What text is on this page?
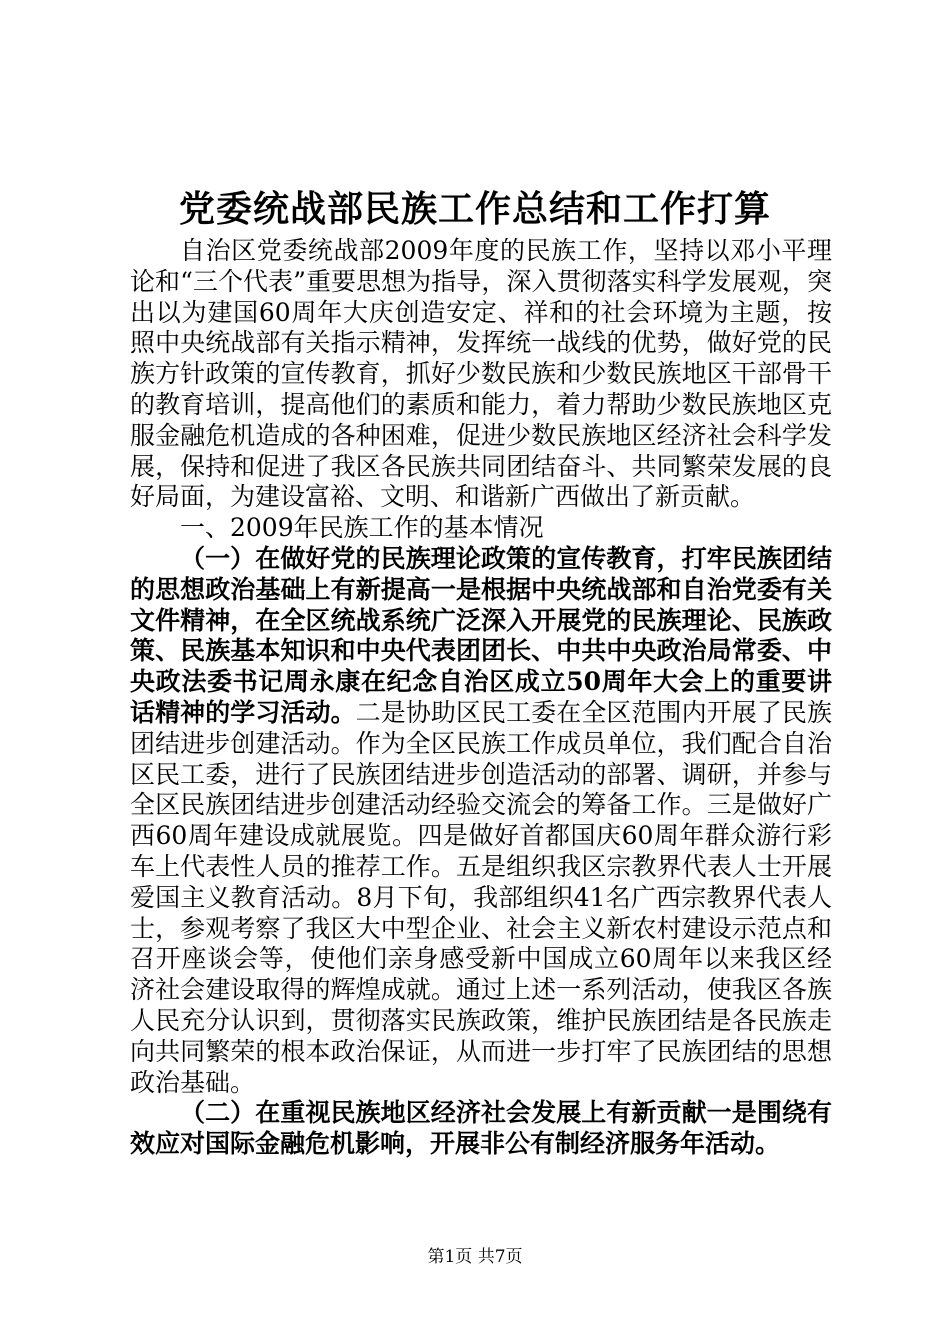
党委统战部民族工作总结和工作打算

自治区党委统战部2009年度的民族工作，坚持以邓小平理论和“三个代表”重要思想为指导，深入贯彻落实科学发展观，突出以为建国60周年大庆创造安定、祥和的社会环境为主题，按照中央统战部有关指示精神，发挥统一战线的优势，做好党的民族方针政策的宣传教育，抓好少数民族和少数民族地区干部骨干的教育培训，提高他们的素质和能力，着力帮助少数民族地区克服金融危机造成的各种困难，促进少数民族地区经济社会科学发展，保持和促进了我区各民族共同团结奋斗、共同繁荣发展的良好局面，为建设富裕、文明、和谐新广西做出了新贡献。

一、2009年民族工作的基本情况

（一）在做好党的民族理论政策的宣传教育，打牢民族团结的思想政治基础上有新提高一是根据中央统战部和自治党委有关文件精神，在全区统战系统广泛深入开展党的民族理论、民族政策、民族基本知识和中央代表团团长、中共中央政治局常委、中央政法委书记周永康在纪念自治区成立50周年大会上的重要讲话精神的学习活动。二是协助区民工委在全区范围内开展了民族团结进步创建活动。作为全区民族工作成员单位，我们配合自治区民工委，进行了民族团结进步创造活动的部署、调研，并参与全区民族团结进步创建活动经验交流会的筹备工作。三是做好广西60周年建设成就展览。四是做好首都国庆60周年群众游行彩车上代表性人员的推荐工作。五是组织我区宗教界代表人士开展爱国主义教育活动。8月下旬，我部组织41名广西宗教界代表人士，参观考察了我区大中型企业、社会主义新农村建设示范点和召开座谈会等，使他们亲身感受新中国成立60周年以来我区经济社会建设取得的辉煌成就。通过上述一系列活动，使我区各族人民充分认识到，贯彻落实民族政策，维护民族团结是各民族走向共同繁荣的根本政治保证，从而进一步打牢了民族团结的思想政治基础。

（二）在重视民族地区经济社会发展上有新贡献一是围绕有效应对国际金融危机影响，开展非公有制经济服务年活动。

第1页 共7页
